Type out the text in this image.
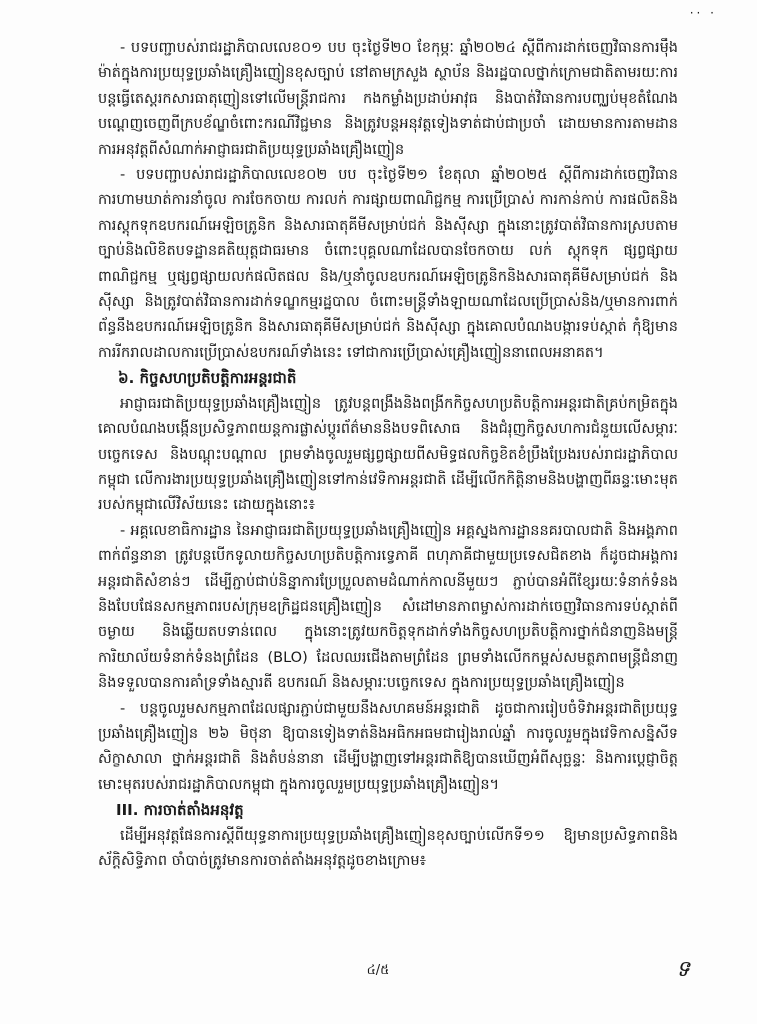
·· ·

- បទបញ្ជាបស់រាជរដ្ឋាភិបាលលេខ០១ បប ចុះថ្ងៃទី២០ ខែកុម្ភៈ ឆ្នាំ២០២៤ ស្តីពីការដាក់ចេញវិធានការម៉ឹងម៉ាត់ក្នុងការប្រយុទ្ធប្រឆាំងគ្រឿងញៀនខុសច្បាប់ នៅតាមក្រសួង ស្ថាប័ន និងរដ្ឋបាលថ្នាក់ក្រោមជាតិតាមរយៈការបន្តធ្វើតេស្តរកសារធាតុញៀនទៅលើមន្ត្រីរាជការ កងកម្លាំងប្រដាប់អាវុធ និងបាត់វិធានការបញ្ឈប់មុខតំណែង បណ្តេញចេញពីក្របខ័ណ្ឌចំពោះករណីវិជ្ជមាន និងត្រូវបន្តអនុវត្តទៀងទាត់ជាប់ជាប្រចាំ ដោយមានការតាមដានការអនុវត្តពីសំណាក់អាជ្ញាធរជាតិប្រយុទ្ធប្រឆាំងគ្រឿងញៀន

- បទបញ្ជាបស់រាជរដ្ឋាភិបាលលេខ០២ បប ចុះថ្ងៃទី២១ ខែតុលា ឆ្នាំ២០២៥ ស្តីពីការដាក់ចេញវិធានការហាមឃាត់ការនាំចូល ការចែកចាយ ការលក់ ការផ្សាយពាណិជ្ជកម្ម ការប្រើប្រាស់ ការកាន់កាប់ ការផលិតនិងការស្តុកទុកឧបករណ៍អេឡិចត្រូនិក និងសារធាតុគីមីសម្រាប់ជក់ និងស៊ីស្សា ក្នុងនោះត្រូវបាត់វិធានការស្របតាមច្បាប់និងលិខិតបទដ្ឋានគតិយុត្តជាធរមាន ចំពោះបុគ្គលណាដែលបានចែកចាយ លក់ ស្តុកទុក ផ្សព្វផ្សាយពាណិជ្ជកម្ម ឬផ្សព្វផ្សាយលក់ផលិតផល និង/ឬនាំចូលឧបករណ៍អេឡិចត្រូនិកនិងសារធាតុគីមីសម្រាប់ជក់ និងស៊ីស្សា និងត្រូវបាត់វិធានការដាក់ទណ្ឌកម្មរដ្ឋបាល ចំពោះមន្ត្រីទាំងឡាយណាដែលប្រើប្រាស់និង/ឬមានការពាក់ព័ន្ធនឹងឧបករណ៍អេឡិចត្រូនិក និងសារធាតុគីមីសម្រាប់ជក់ និងស៊ីស្សា ក្នុងគោលបំណងបង្ការទប់ស្កាត់ កុំឱ្យមានការរីករាលដាលការប្រើប្រាស់ឧបករណ៍ទាំងនេះ ទៅជាការប្រើប្រាស់គ្រឿងញៀននាពេលអនាគត។

៦. កិច្ចសហប្រតិបត្តិការអន្តរជាតិ

អាជ្ញាធរជាតិប្រយុទ្ធប្រឆាំងគ្រឿងញៀន ត្រូវបន្តពង្រឹងនិងពង្រីកកិច្ចសហប្រតិបត្តិការអន្តរជាតិគ្រប់កម្រិតក្នុងគោលបំណងបង្កើនប្រសិទ្ធភាពយន្តការផ្លាស់ប្តូរព័ត៌មាននិងបទពិសោធ និងជំរុញកិច្ចសហការជំនួយលើសម្ភារៈបច្ចេកទេស និងបណ្តុះបណ្តាល ព្រមទាំងចូលរួមផ្សព្វផ្សាយពីសមិទ្ធផលកិច្ចខិតខំប្រឹងប្រែងរបស់រាជរដ្ឋាភិបាលកម្ពុជា លើការងារប្រយុទ្ធប្រឆាំងគ្រឿងញៀនទៅកាន់វេទិកាអន្តរជាតិ ដើម្បីលើកកិត្តិនាមនិងបង្ហាញពីឆន្ទៈមោះមុតរបស់កម្ពុជាលើវិស័យនេះ ដោយក្នុងនោះ៖

- អគ្គលេខាធិការដ្ឋាន នៃអាជ្ញាធរជាតិប្រយុទ្ធប្រឆាំងគ្រឿងញៀន អគ្គស្នងការដ្ឋាននគរបាលជាតិ និងអង្គភាពពាក់ព័ន្ធនានា ត្រូវបន្តបើកទូលាយកិច្ចសហប្រតិបត្តិការទ្វេភាគី ពហុភាគីជាមួយប្រទេសជិតខាង ក៏ដូចជាអង្គការអន្តរជាតិសំខាន់ៗ ដើម្បីភ្ជាប់ជាប់និន្នាការប្រែប្រួលតាមដំណាក់កាលនីមួយៗ ភ្ជាប់បានអំពីខ្សែរយៈទំនាក់ទំនង និងបែបផែនសកម្មភាពរបស់ក្រុមឧក្រិដ្ឋជនគ្រឿងញៀន សំដៅមានភាពម្ចាស់ការដាក់ចេញវិធានការទប់ស្កាត់ពីចម្ងាយ និងឆ្លើយតបទាន់ពេល ក្នុងនោះត្រូវយកចិត្តទុកដាក់ទាំងកិច្ចសហប្រតិបត្តិការថ្នាក់ជំនាញនិងមន្ត្រីការិយាល័យទំនាក់ទំនងព្រំដែន (BLO) ដែលឈរជើងតាមព្រំដែន ព្រមទាំងលើកកម្ពស់សមត្ថភាពមន្ត្រីជំនាញ និងទទួលបានការគាំទ្រទាំងស្មារតី ឧបករណ៍ និងសម្ភារៈបច្ចេកទេស ក្នុងការប្រយុទ្ធប្រឆាំងគ្រឿងញៀន

- បន្តចូលរួមសកម្មភាពដែលផ្សារភ្ជាប់ជាមួយនឹងសហគមន៍អន្តរជាតិ ដូចជាការរៀបចំទិវាអន្តរជាតិប្រយុទ្ធប្រឆាំងគ្រឿងញៀន ២៦ មិថុនា ឱ្យបានទៀងទាត់និងអធិកអធមជារៀងរាល់ឆ្នាំ ការចូលរួមក្នុងវេទិកាសន្និសីទ សិក្ខាសាលា ថ្នាក់អន្តរជាតិ និងតំបន់នានា ដើម្បីបង្ហាញទៅអន្តរជាតិឱ្យបានឃើញអំពីសុច្ឆន្ទៈ និងការប្តេជ្ញាចិត្តមោះមុតរបស់រាជរដ្ឋាភិបាលកម្ពុជា ក្នុងការចូលរួមប្រយុទ្ធប្រឆាំងគ្រឿងញៀន។

III. ការចាត់តាំងអនុវត្ត

ដើម្បីអនុវត្តផែនការស្តីពីយុទ្ធនាការប្រយុទ្ធប្រឆាំងគ្រឿងញៀនខុសច្បាប់លើកទី១១ ឱ្យមានប្រសិទ្ធភាពនិងស័ក្តិសិទ្ធិភាព ចាំបាច់ត្រូវមានការចាត់តាំងអនុវត្តដូចខាងក្រោម៖

៤/៥	ទ
